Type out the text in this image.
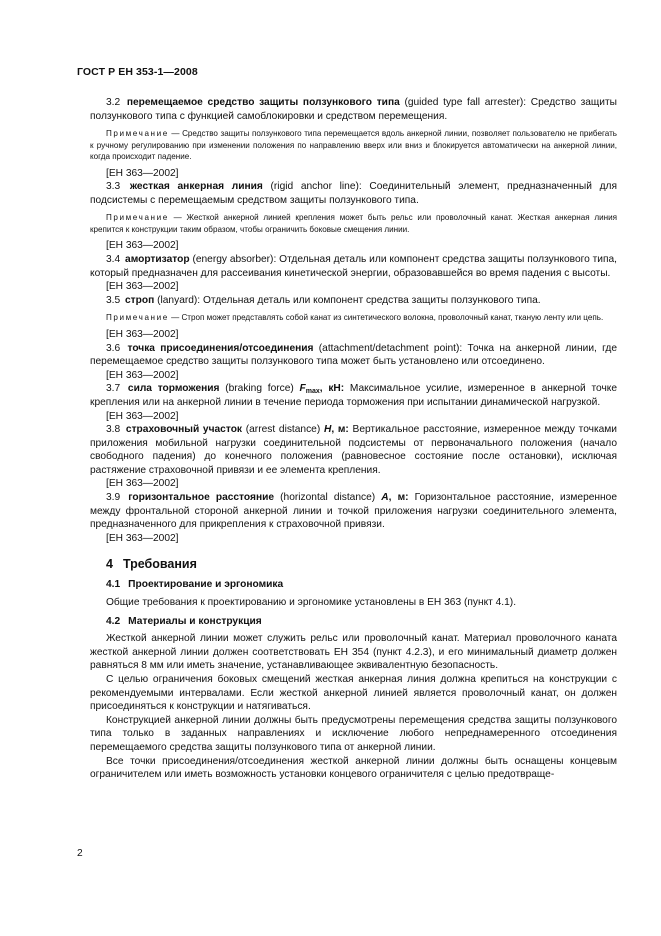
ГОСТ Р ЕН 353-1—2008

3.2 перемещаемое средство защиты ползункового типа (guided type fall arrester): Средство защиты ползункового типа с функцией самоблокировки и средством перемещения.

Примечание — Средство защиты ползункового типа перемещается вдоль анкерной линии, позволяет пользователю не прибегать к ручному регулированию при изменении положения по направлению вверх или вниз и блокируется автоматически на анкерной линии, когда происходит падение.

[EH 363—2002]

3.3 жесткая анкерная линия (rigid anchor line): Соединительный элемент, предназначенный для подсистемы с перемещаемым средством защиты ползункового типа.

Примечание — Жесткой анкерной линией крепления может быть рельс или проволочный канат. Жесткая анкерная линия крепится к конструкции таким образом, чтобы ограничить боковые смещения линии.

[EH 363—2002]

3.4 амортизатор (energy absorber): Отдельная деталь или компонент средства защиты ползункового типа, который предназначен для рассеивания кинетической энергии, образовавшейся во время падения с высоты.

[EH 363—2002]

3.5 строп (lanyard): Отдельная деталь или компонент средства защиты ползункового типа.

Примечание — Строп может представлять собой канат из синтетического волокна, проволочный канат, тканую ленту или цепь.

[EH 363—2002]

3.6 точка присоединения/отсоединения (attachment/detachment point): Точка на анкерной линии, где перемещаемое средство защиты ползункового типа может быть установлено или отсоединено.

[EH 363—2002]

3.7 сила торможения (braking force) $F_{max}$, кН: Максимальное усилие, измеренное в анкерной точке крепления или на анкерной линии в течение периода торможения при испытании динамической нагрузкой.

[EH 363—2002]

3.8 страховочный участок (arrest distance) H, м: Вертикальное расстояние, измеренное между точками приложения мобильной нагрузки соединительной подсистемы от первоначального положения (начало свободного падения) до конечного положения (равновесное состояние после остановки), исключая растяжение страховочной привязи и ее элемента крепления.

[EH 363—2002]

3.9 горизонтальное расстояние (horizontal distance) A, м: Горизонтальное расстояние, измеренное между фронтальной стороной анкерной линии и точкой приложения нагрузки соединительного элемента, предназначенного для прикрепления к страховочной привязи.

[EH 363—2002]

4 Требования
4.1 Проектирование и эргономика

Общие требования к проектированию и эргономике установлены в EH 363 (пункт 4.1).

4.2 Материалы и конструкция

Жесткой анкерной линии может служить рельс или проволочный канат. Материал проволочного каната жесткой анкерной линии должен соответствовать EH 354 (пункт 4.2.3), и его минимальный диаметр должен равняться 8 мм или иметь значение, устанавливающее эквивалентную безопасность.

С целью ограничения боковых смещений жесткая анкерная линия должна крепиться на конструкции с рекомендуемыми интервалами. Если жесткой анкерной линией является проволочный канат, он должен присоединяться к конструкции и натягиваться.

Конструкцией анкерной линии должны быть предусмотрены перемещения средства защиты ползункового типа только в заданных направлениях и исключение любого непреднамеренного отсоединения перемещаемого средства защиты ползункового типа от анкерной линии.

Все точки присоединения/отсоединения жесткой анкерной линии должны быть оснащены концевым ограничителем или иметь возможность установки концевого ограничителя с целью предотвраще-

2
